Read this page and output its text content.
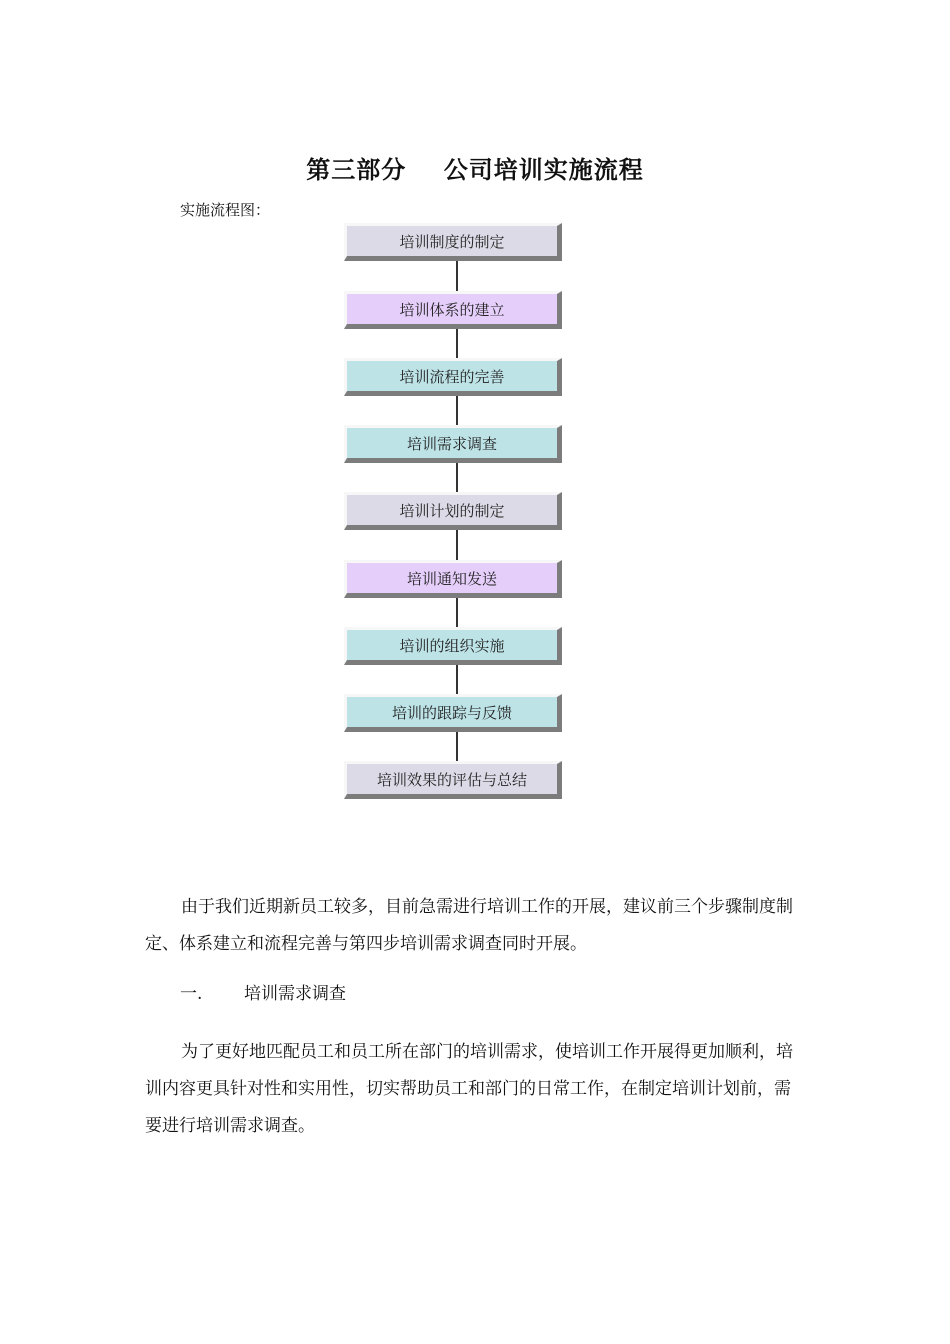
第三部分    公司培训实施流程
实施流程图：
培训制度的制定
培训体系的建立
培训流程的完善
培训需求调查
培训计划的制定
培训通知发送
培训的组织实施
培训的跟踪与反馈
培训效果的评估与总结

由于我们近期新员工较多，目前急需进行培训工作的开展，建议前三个步骤制度制定、体系建立和流程完善与第四步培训需求调查同时开展。

一. 培训需求调查

为了更好地匹配员工和员工所在部门的培训需求，使培训工作开展得更加顺利，培训内容更具针对性和实用性，切实帮助员工和部门的日常工作，在制定培训计划前，需要进行培训需求调查。
